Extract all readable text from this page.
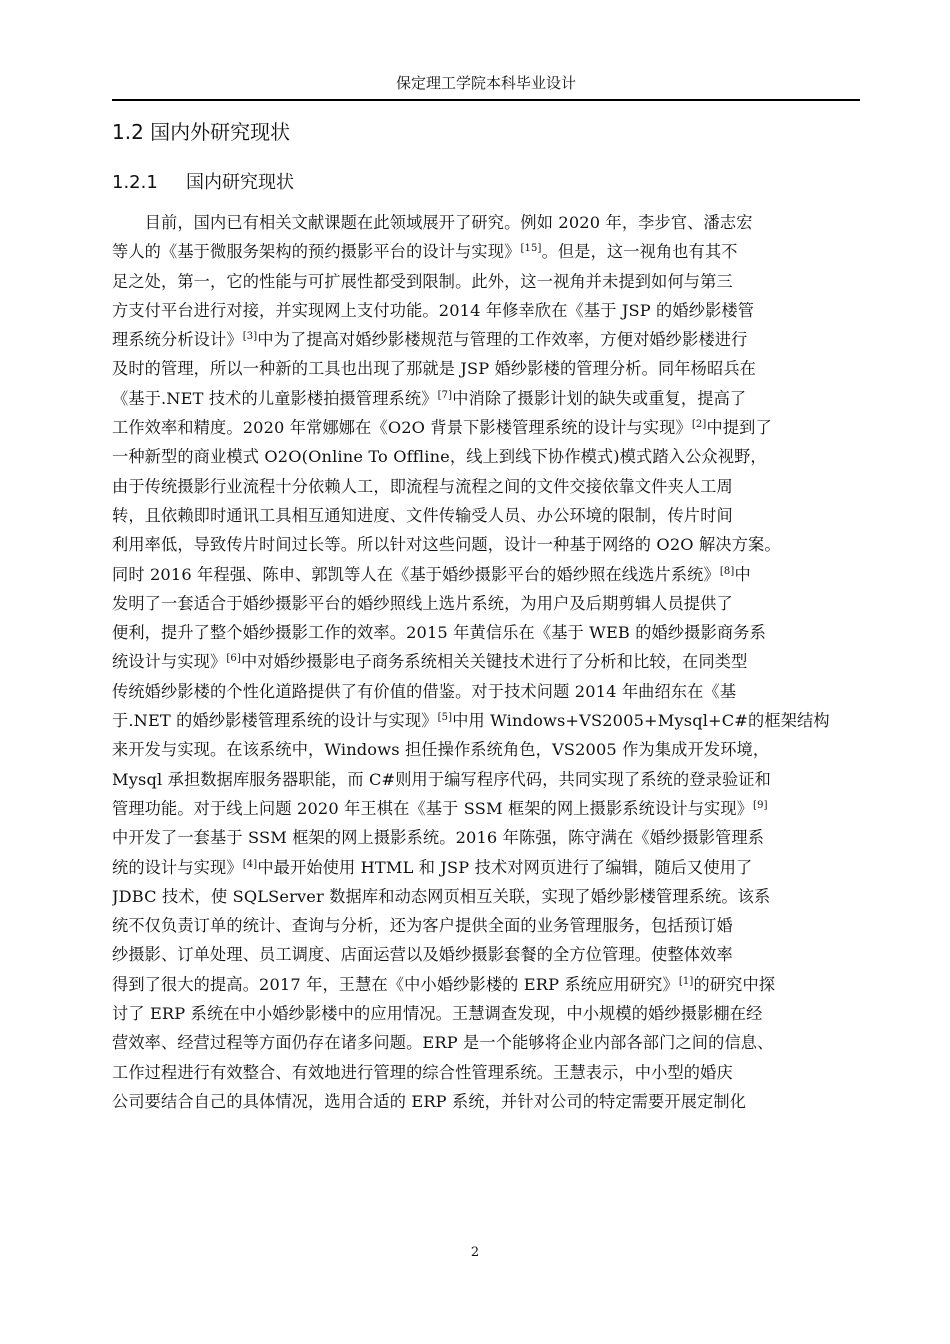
保定理工学院本科毕业设计
1.2 国内外研究现状
1.2.1 国内研究现状
　　目前，国内已有相关文献课题在此领域展开了研究。例如 2020 年，李步官、潘志宏
等人的《基于微服务架构的预约摄影平台的设计与实现》[15]。但是，这一视角也有其不
足之处，第一，它的性能与可扩展性都受到限制。此外，这一视角并未提到如何与第三
方支付平台进行对接，并实现网上支付功能。2014 年修幸欣在《基于 JSP 的婚纱影楼管
理系统分析设计》[3]中为了提高对婚纱影楼规范与管理的工作效率，方便对婚纱影楼进行
及时的管理，所以一种新的工具也出现了那就是 JSP 婚纱影楼的管理分析。同年杨昭兵在
《基于.NET 技术的儿童影楼拍摄管理系统》[7]中消除了摄影计划的缺失或重复，提高了
工作效率和精度。2020 年常娜娜在《O2O 背景下影楼管理系统的设计与实现》[2]中提到了
一种新型的商业模式 O2O(Online To Offline，线上到线下协作模式)模式踏入公众视野，
由于传统摄影行业流程十分依赖人工，即流程与流程之间的文件交接依靠文件夹人工周
转，且依赖即时通讯工具相互通知进度、文件传输受人员、办公环境的限制，传片时间
利用率低，导致传片时间过长等。所以针对这些问题，设计一种基于网络的 O2O 解决方案。
同时 2016 年程强、陈申、郭凯等人在《基于婚纱摄影平台的婚纱照在线选片系统》[8]中
发明了一套适合于婚纱摄影平台的婚纱照线上选片系统，为用户及后期剪辑人员提供了
便利，提升了整个婚纱摄影工作的效率。2015 年黄信乐在《基于 WEB 的婚纱摄影商务系
统设计与实现》[6]中对婚纱摄影电子商务系统相关关键技术进行了分析和比较，在同类型
传统婚纱影楼的个性化道路提供了有价值的借鉴。对于技术问题 2014 年曲绍东在《基
于.NET 的婚纱影楼管理系统的设计与实现》[5]中用 Windows+VS2005+Mysql+C#的框架结构
来开发与实现。在该系统中，Windows 担任操作系统角色，VS2005 作为集成开发环境，
Mysql 承担数据库服务器职能，而 C#则用于编写程序代码，共同实现了系统的登录验证和
管理功能。对于线上问题 2020 年王棋在《基于 SSM 框架的网上摄影系统设计与实现》[9]
中开发了一套基于 SSM 框架的网上摄影系统。2016 年陈强，陈守满在《婚纱摄影管理系
统的设计与实现》[4]中最开始使用 HTML 和 JSP 技术对网页进行了编辑，随后又使用了
JDBC 技术，使 SQLServer 数据库和动态网页相互关联，实现了婚纱影楼管理系统。该系
统不仅负责订单的统计、查询与分析，还为客户提供全面的业务管理服务，包括预订婚
纱摄影、订单处理、员工调度、店面运营以及婚纱摄影套餐的全方位管理。使整体效率
得到了很大的提高。2017 年，王慧在《中小婚纱影楼的 ERP 系统应用研究》[1]的研究中探
讨了 ERP 系统在中小婚纱影楼中的应用情况。王慧调查发现，中小规模的婚纱摄影棚在经
营效率、经营过程等方面仍存在诸多问题。ERP 是一个能够将企业内部各部门之间的信息、
工作过程进行有效整合、有效地进行管理的综合性管理系统。王慧表示，中小型的婚庆
公司要结合自己的具体情况，选用合适的 ERP 系统，并针对公司的特定需要开展定制化
2
